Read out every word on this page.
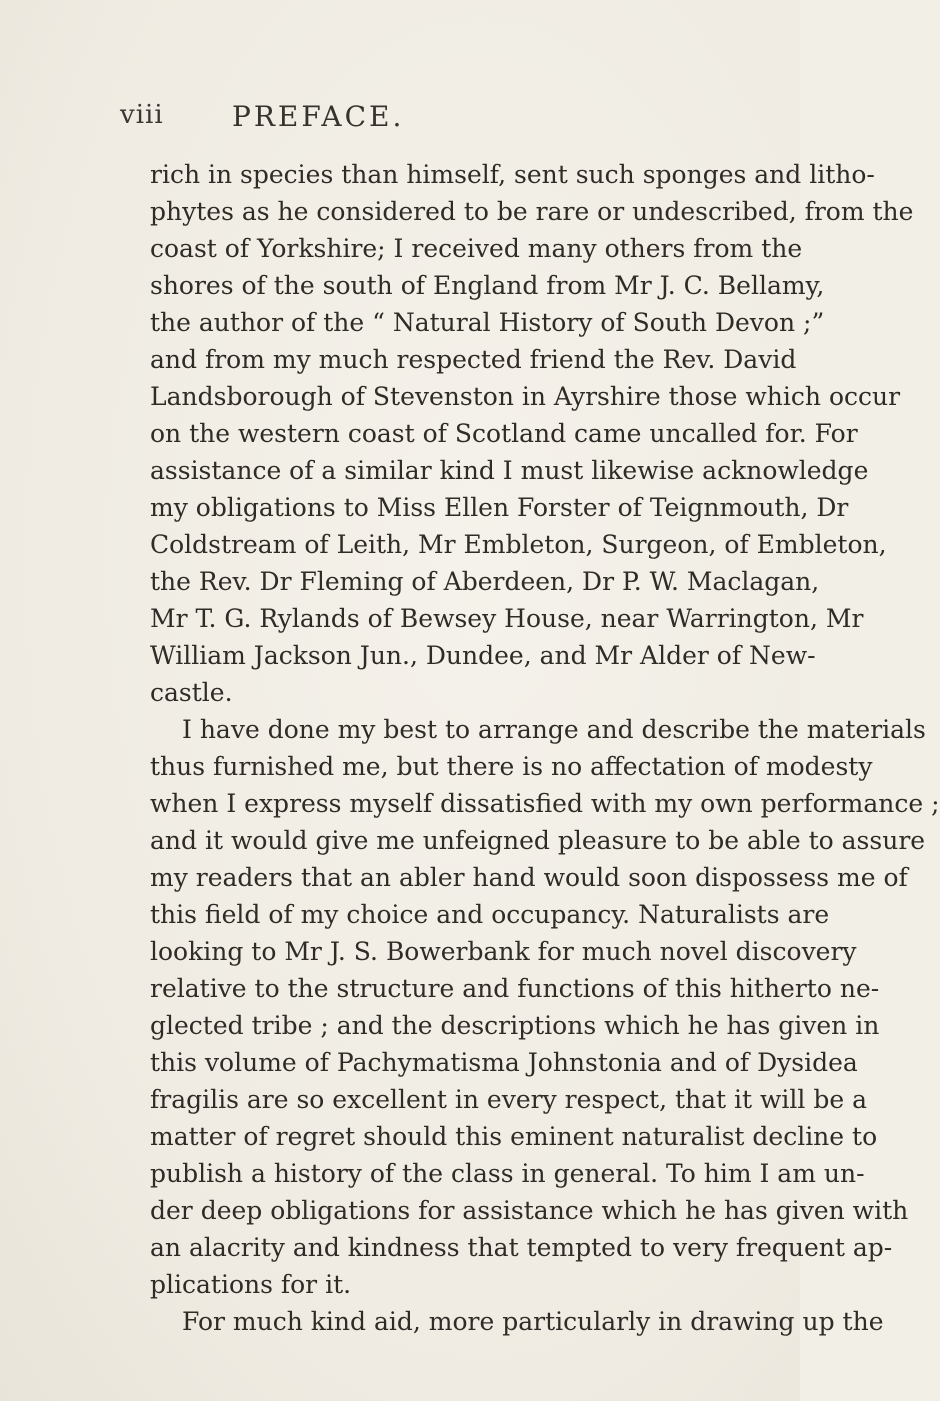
viii PREFACE.
rich in species than himself, sent such sponges and litho-
phytes as he considered to be rare or undescribed, from the
coast of Yorkshire; I received many others from the
shores of the south of England from Mr J. C. Bellamy,
the author of the “ Natural History of South Devon ;”
and from my much respected friend the Rev. David
Landsborough of Stevenston in Ayrshire those which occur
on the western coast of Scotland came uncalled for. For
assistance of a similar kind I must likewise acknowledge
my obligations to Miss Ellen Forster of Teignmouth, Dr
Coldstream of Leith, Mr Embleton, Surgeon, of Embleton,
the Rev. Dr Fleming of Aberdeen, Dr P. W. Maclagan,
Mr T. G. Rylands of Bewsey House, near Warrington, Mr
William Jackson Jun., Dundee, and Mr Alder of New-
castle.
I have done my best to arrange and describe the materials
thus furnished me, but there is no affectation of modesty
when I express myself dissatisfied with my own performance ;
and it would give me unfeigned pleasure to be able to assure
my readers that an abler hand would soon dispossess me of
this field of my choice and occupancy. Naturalists are
looking to Mr J. S. Bowerbank for much novel discovery
relative to the structure and functions of this hitherto ne-
glected tribe ; and the descriptions which he has given in
this volume of Pachymatisma Johnstonia and of Dysidea
fragilis are so excellent in every respect, that it will be a
matter of regret should this eminent naturalist decline to
publish a history of the class in general. To him I am un-
der deep obligations for assistance which he has given with
an alacrity and kindness that tempted to very frequent ap-
plications for it.
For much kind aid, more particularly in drawing up the
